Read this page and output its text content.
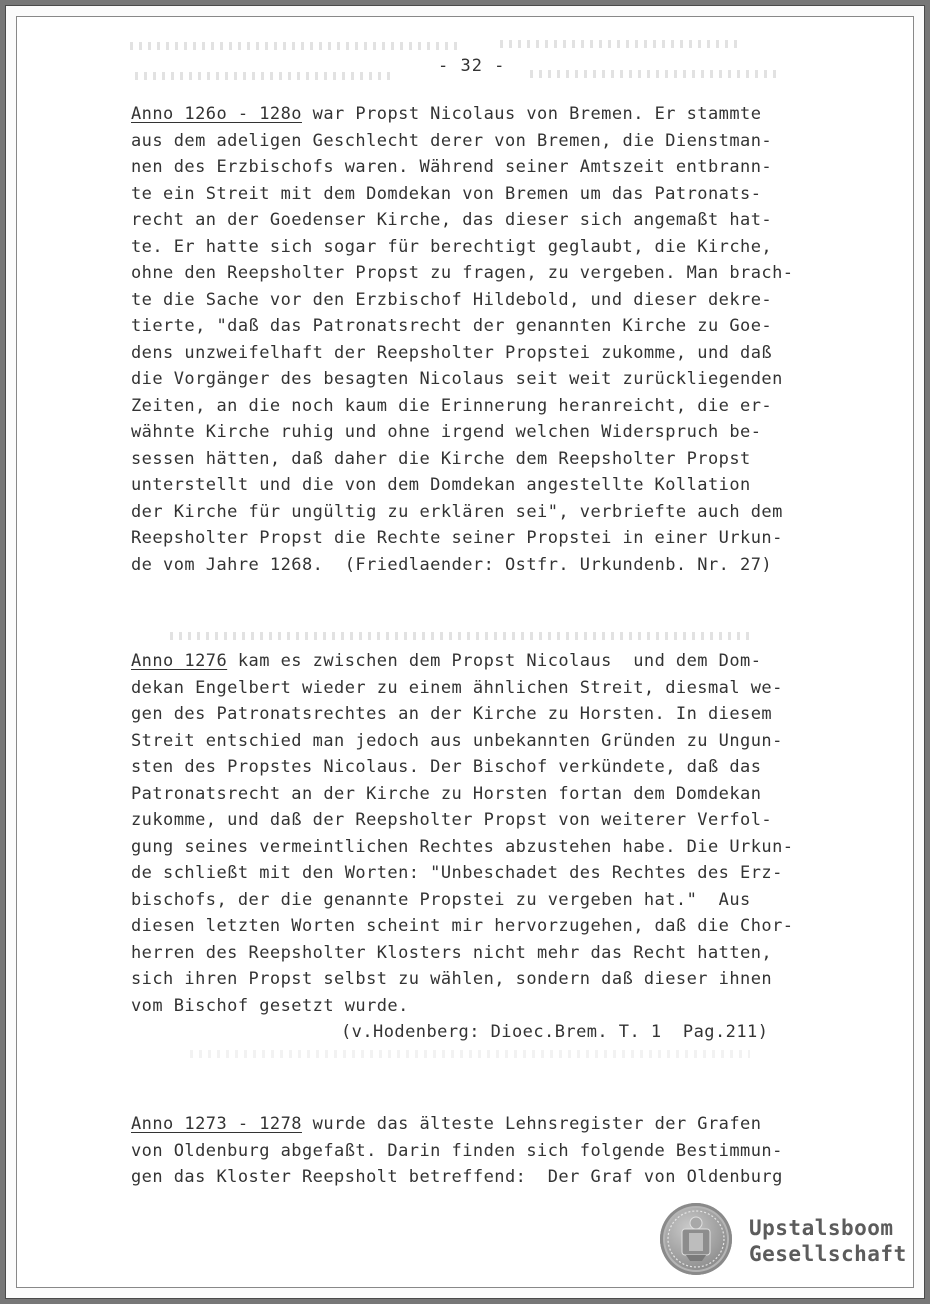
- 32 -
Anno 126o - 128o war Propst Nicolaus von Bremen. Er stammte
aus dem adeligen Geschlecht derer von Bremen, die Dienstman-
nen des Erzbischofs waren. Während seiner Amtszeit entbrann-
te ein Streit mit dem Domdekan von Bremen um das Patronats-
recht an der Goedenser Kirche, das dieser sich angemaßt hat-
te. Er hatte sich sogar für berechtigt geglaubt, die Kirche,
ohne den Reepsholter Propst zu fragen, zu vergeben. Man brach-
te die Sache vor den Erzbischof Hildebold, und dieser dekre-
tierte, "daß das Patronatsrecht der genannten Kirche zu Goe-
dens unzweifelhaft der Reepsholter Propstei zukomme, und daß
die Vorgänger des besagten Nicolaus seit weit zurückliegenden
Zeiten, an die noch kaum die Erinnerung heranreicht, die er-
wähnte Kirche ruhig und ohne irgend welchen Widerspruch be-
sessen hätten, daß daher die Kirche dem Reepsholter Propst
unterstellt und die von dem Domdekan angestellte Kollation
der Kirche für ungültig zu erklären sei", verbriefte auch dem
Reepsholter Propst die Rechte seiner Propstei in einer Urkun-
de vom Jahre 1268.  (Friedlaender: Ostfr. Urkundenb. Nr. 27)
Anno 1276 kam es zwischen dem Propst Nicolaus  und dem Dom-
dekan Engelbert wieder zu einem ähnlichen Streit, diesmal we-
gen des Patronatsrechtes an der Kirche zu Horsten. In diesem
Streit entschied man jedoch aus unbekannten Gründen zu Ungun-
sten des Propstes Nicolaus. Der Bischof verkündete, daß das
Patronatsrecht an der Kirche zu Horsten fortan dem Domdekan
zukomme, und daß der Reepsholter Propst von weiterer Verfol-
gung seines vermeintlichen Rechtes abzustehen habe. Die Urkun-
de schließt mit den Worten: "Unbeschadet des Rechtes des Erz-
bischofs, der die genannte Propstei zu vergeben hat."  Aus
diesen letzten Worten scheint mir hervorzugehen, daß die Chor-
herren des Reepsholter Klosters nicht mehr das Recht hatten,
sich ihren Propst selbst zu wählen, sondern daß dieser ihnen
vom Bischof gesetzt wurde.
(v.Hodenberg: Dioec.Brem. T. 1  Pag.211)
Anno 1273 - 1278 wurde das älteste Lehnsregister der Grafen
von Oldenburg abgefaßt. Darin finden sich folgende Bestimmun-
gen das Kloster Reepsholt betreffend:  Der Graf von Oldenburg
Upstalsboom
Gesellschaft
